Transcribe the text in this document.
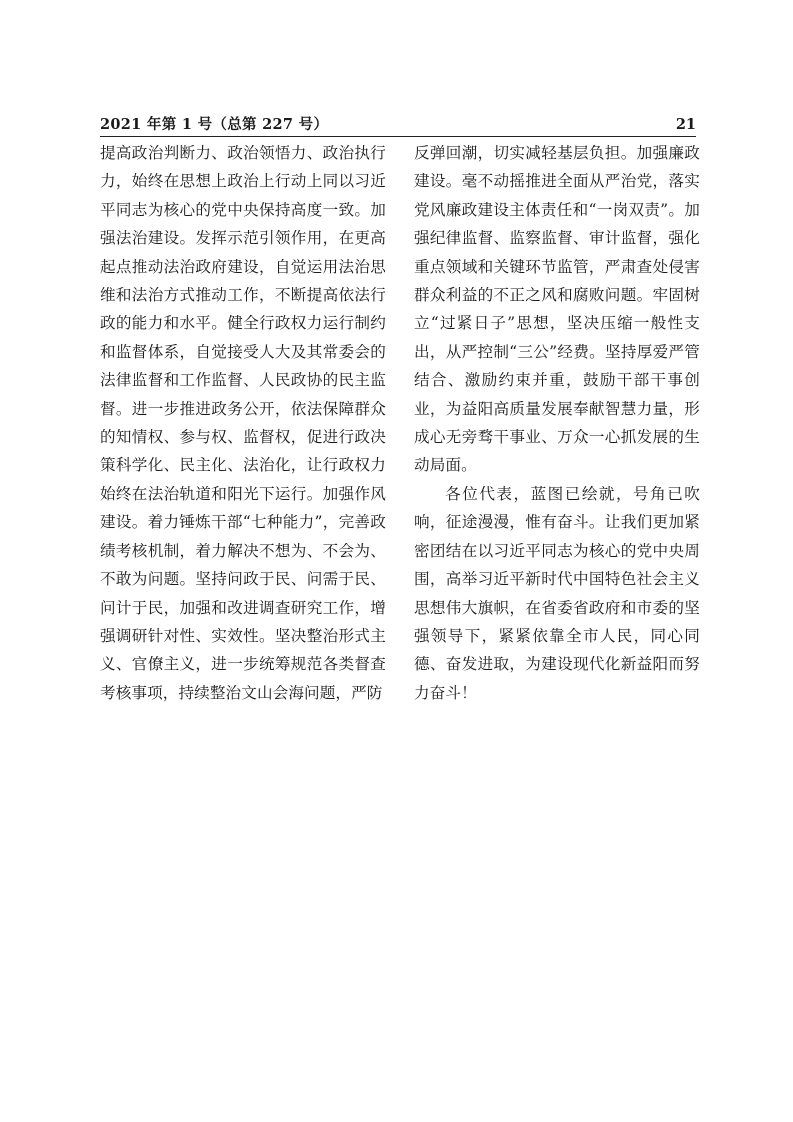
2021 年第 1 号（总第 227 号）	21

提高政治判断力、政治领悟力、政治执行力，始终在思想上政治上行动上同以习近平同志为核心的党中央保持高度一致。加强法治建设。发挥示范引领作用，在更高起点推动法治政府建设，自觉运用法治思维和法治方式推动工作，不断提高依法行政的能力和水平。健全行政权力运行制约和监督体系，自觉接受人大及其常委会的法律监督和工作监督、人民政协的民主监督。进一步推进政务公开，依法保障群众的知情权、参与权、监督权，促进行政决策科学化、民主化、法治化，让行政权力始终在法治轨道和阳光下运行。加强作风建设。着力锤炼干部“七种能力”，完善政绩考核机制，着力解决不想为、不会为、不敢为问题。坚持问政于民、问需于民、问计于民，加强和改进调查研究工作，增强调研针对性、实效性。坚决整治形式主义、官僚主义，进一步统筹规范各类督查考核事项，持续整治文山会海问题，严防

反弹回潮，切实减轻基层负担。加强廉政建设。毫不动摇推进全面从严治党，落实党风廉政建设主体责任和“一岗双责”。加强纪律监督、监察监督、审计监督，强化重点领域和关键环节监管，严肃查处侵害群众利益的不正之风和腐败问题。牢固树立“过紧日子”思想，坚决压缩一般性支出，从严控制“三公”经费。坚持厚爱严管结合、激励约束并重，鼓励干部干事创业，为益阳高质量发展奉献智慧力量，形成心无旁骛干事业、万众一心抓发展的生动局面。

各位代表，蓝图已绘就，号角已吹响，征途漫漫，惟有奋斗。让我们更加紧密团结在以习近平同志为核心的党中央周围，高举习近平新时代中国特色社会主义思想伟大旗帜，在省委省政府和市委的坚强领导下，紧紧依靠全市人民，同心同德、奋发进取，为建设现代化新益阳而努力奋斗！
